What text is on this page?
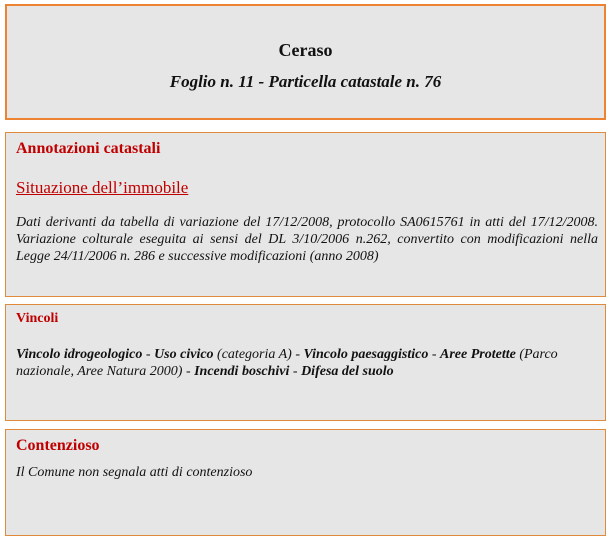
Ceraso
Foglio n. 11 - Particella catastale n. 76
Annotazioni catastali
Situazione dell’immobile
Dati derivanti da tabella di variazione del 17/12/2008, protocollo SA0615761 in atti del 17/12/2008. Variazione colturale eseguita ai sensi del DL 3/10/2006 n.262, convertito con modificazioni nella Legge 24/11/2006 n. 286 e successive modificazioni (anno 2008)
Vincoli
Vincolo idrogeologico - Uso civico (categoria A) - Vincolo paesaggistico - Aree Protette (Parco nazionale, Aree Natura 2000) - Incendi boschivi - Difesa del suolo
Contenzioso
Il Comune non segnala atti di contenzioso
